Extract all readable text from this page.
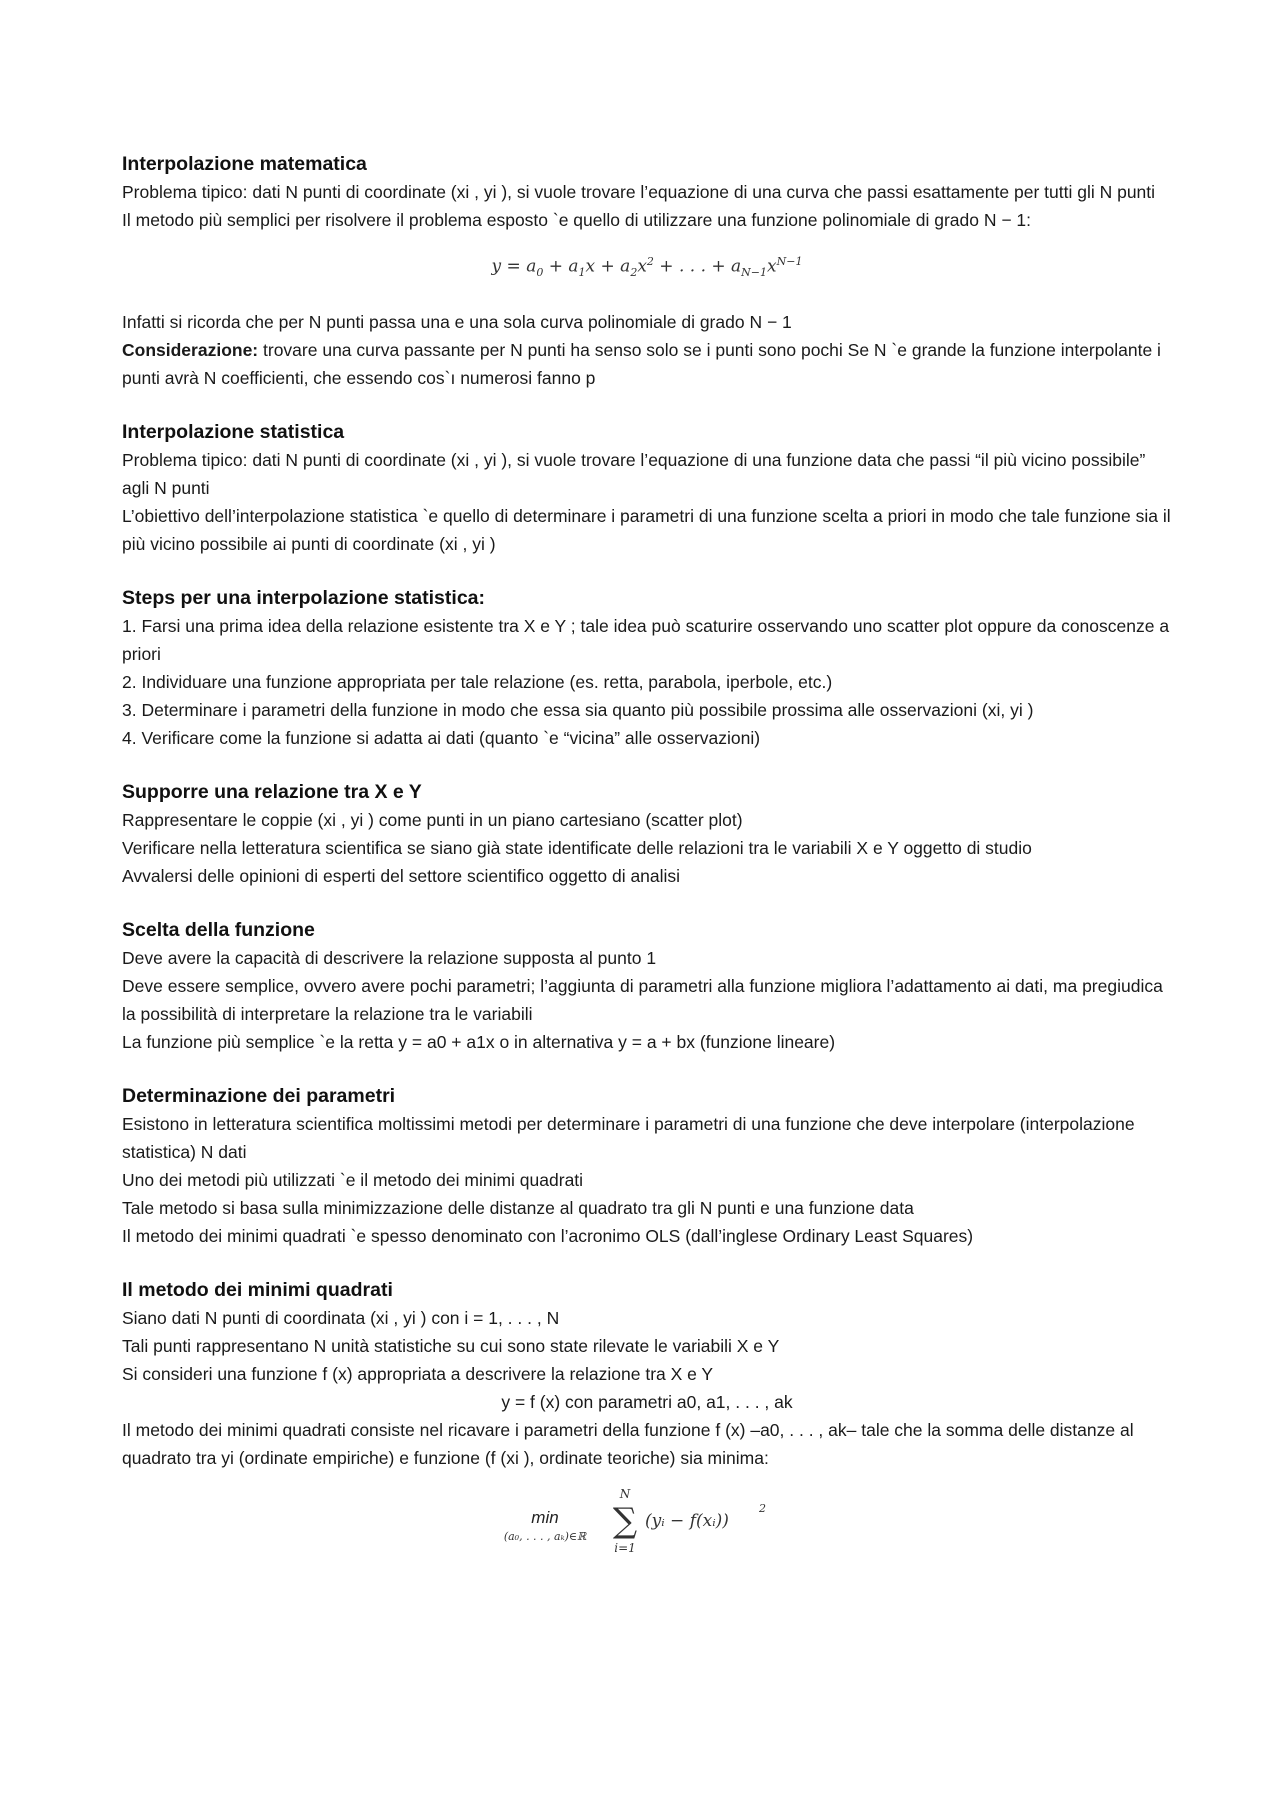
Interpolazione matematica

Problema tipico: dati N punti di coordinate (xi , yi ), si vuole trovare l’equazione di una curva che passi esattamente per tutti gli N punti

Il metodo più semplici per risolvere il problema esposto `e quello di utilizzare una funzione polinomiale di grado N − 1:

$y = a_0 + a_1x + a_2x^2$ + . . . + $a_{N-1}x^{N-1}$

Infatti si ricorda che per N punti passa una e una sola curva polinomiale di grado N − 1

Considerazione: trovare una curva passante per N punti ha senso solo se i punti sono pochi Se N `e grande la funzione interpolante i punti avrà N coefficienti, che essendo cos`ı numerosi fanno p

Interpolazione statistica

Problema tipico: dati N punti di coordinate (xi , yi ), si vuole trovare l’equazione di una funzione data che passi “il più vicino possibile” agli N punti

L’obiettivo dell’interpolazione statistica `e quello di determinare i parametri di una funzione scelta a priori in modo che tale funzione sia il più vicino possibile ai punti di coordinate (xi , yi )

Steps per una interpolazione statistica:

1. Farsi una prima idea della relazione esistente tra X e Y ; tale idea può scaturire osservando uno scatter plot oppure da conoscenze a priori

2. Individuare una funzione appropriata per tale relazione (es. retta, parabola, iperbole, etc.)

3. Determinare i parametri della funzione in modo che essa sia quanto più possibile prossima alle osservazioni (xi, yi )

4. Verificare come la funzione si adatta ai dati (quanto `e “vicina” alle osservazioni)

Supporre una relazione tra X e Y

Rappresentare le coppie (xi , yi ) come punti in un piano cartesiano (scatter plot)

Verificare nella letteratura scientifica se siano già state identificate delle relazioni tra le variabili X e Y oggetto di studio

Avvalersi delle opinioni di esperti del settore scientifico oggetto di analisi

Scelta della funzione

Deve avere la capacità di descrivere la relazione supposta al punto 1

Deve essere semplice, ovvero avere pochi parametri; l’aggiunta di parametri alla funzione migliora l’adattamento ai dati, ma pregiudica la possibilità di interpretare la relazione tra le variabili

La funzione più semplice `e la retta y = a0 + a1x o in alternativa y = a + bx (funzione lineare)

Determinazione dei parametri

Esistono in letteratura scientifica moltissimi metodi per determinare i parametri di una funzione che deve interpolare (interpolazione statistica) N dati

Uno dei metodi più utilizzati `e il metodo dei minimi quadrati

Tale metodo si basa sulla minimizzazione delle distanze al quadrato tra gli N punti e una funzione data

Il metodo dei minimi quadrati `e spesso denominato con l’acronimo OLS (dall’inglese Ordinary Least Squares)

Il metodo dei minimi quadrati

Siano dati N punti di coordinata (xi , yi ) con i = 1, . . . , N

Tali punti rappresentano N unità statistiche su cui sono state rilevate le variabili X e Y

Si consideri una funzione f (x) appropriata a descrivere la relazione tra X e Y

y = f (x) con parametri a0, a1, . . . , ak

Il metodo dei minimi quadrati consiste nel ricavare i parametri della funzione f (x) –a0, . . . , ak– tale che la somma delle distanze al quadrato tra yi (ordinate empiriche) e funzione (f (xi ), ordinate teoriche) sia minima:

min
(a₀, . . . , aₖ)∈ℝ
N
∑
i=1
(yᵢ − f(xᵢ))
2
